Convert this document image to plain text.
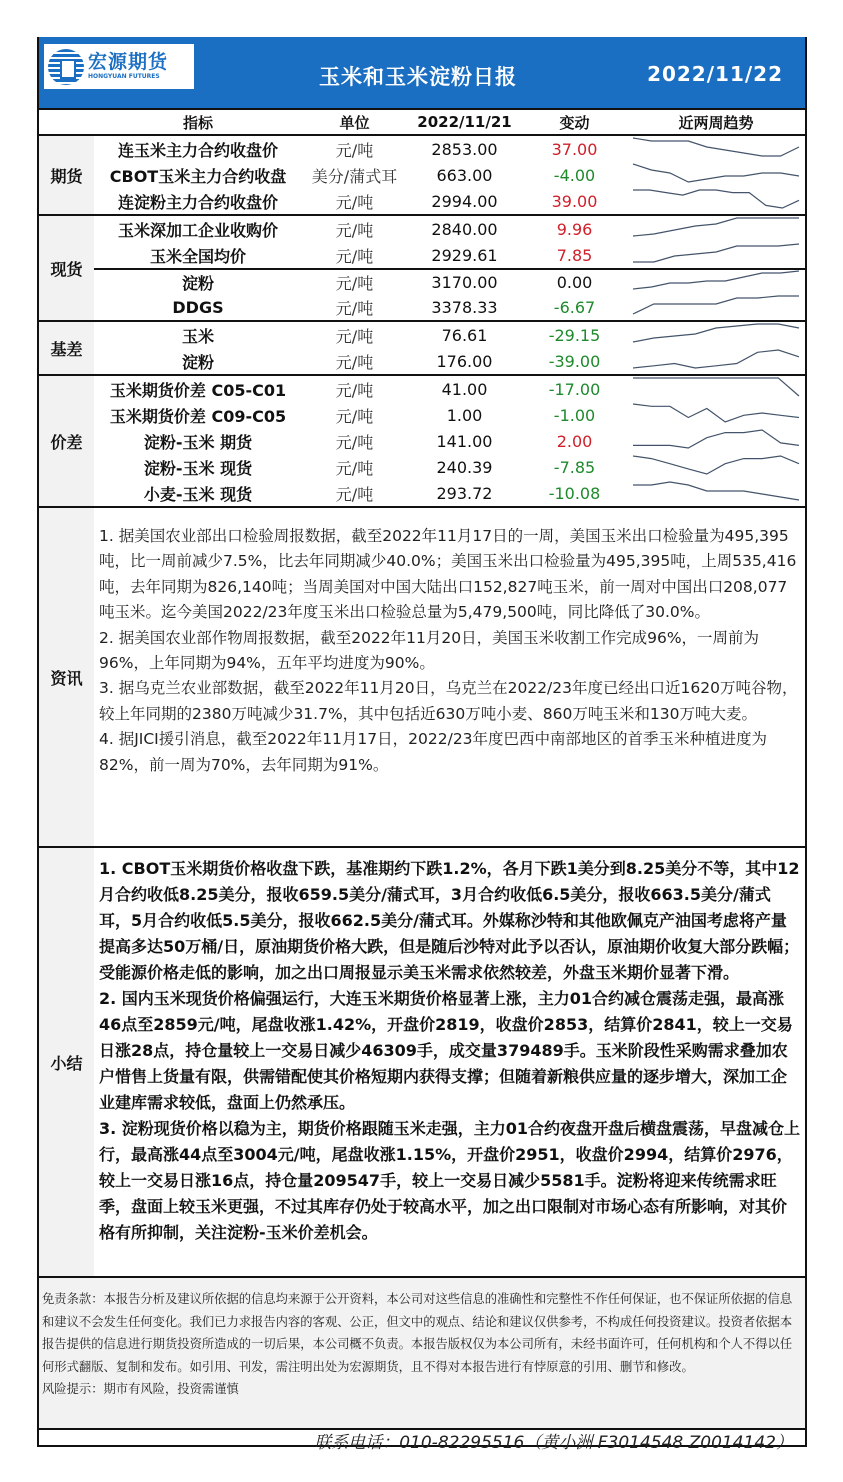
宏源期货
HONGYUAN FUTURES	玉米和玉米淀粉日报	2022/11/22
指标	单位	2022/11/21	变动	近两周趋势
期货
连玉米主力合约收盘价	元/吨	2853.00	37.00
CBOT玉米主力合约收盘	美分/蒲式耳	663.00	-4.00
连淀粉主力合约收盘价	元/吨	2994.00	39.00
现货
玉米深加工企业收购价	元/吨	2840.00	9.96
玉米全国均价	元/吨	2929.61	7.85
淀粉	元/吨	3170.00	0.00
DDGS	元/吨	3378.33	-6.67
基差
玉米	元/吨	76.61	-29.15
淀粉	元/吨	176.00	-39.00
价差
玉米期货价差 C05-C01	元/吨	41.00	-17.00
玉米期货价差 C09-C05	元/吨	1.00	-1.00
淀粉-玉米 期货	元/吨	141.00	2.00
淀粉-玉米 现货	元/吨	240.39	-7.85
小麦-玉米 现货	元/吨	293.72	-10.08
资讯

1. 据美国农业部出口检验周报数据，截至2022年11月17日的一周，美国玉米出口检验量为495,395吨，比一周前减少7.5%，比去年同期减少40.0%；美国玉米出口检验量为495,395吨，上周535,416吨，去年同期为826,140吨；当周美国对中国大陆出口152,827吨玉米，前一周对中国出口208,077吨玉米。迄今美国2022/23年度玉米出口检验总量为5,479,500吨，同比降低了30.0%。

2. 据美国农业部作物周报数据，截至2022年11月20日，美国玉米收割工作完成96%，一周前为96%，上年同期为94%，五年平均进度为90%。

3. 据乌克兰农业部数据，截至2022年11月20日，乌克兰在2022/23年度已经出口近1620万吨谷物，较上年同期的2380万吨减少31.7%，其中包括近630万吨小麦、860万吨玉米和130万吨大麦。

4. 据JICI援引消息，截至2022年11月17日，2022/23年度巴西中南部地区的首季玉米种植进度为82%，前一周为70%，去年同期为91%。

小结

1. CBOT玉米期货价格收盘下跌，基准期约下跌1.2%，各月下跌1美分到8.25美分不等，其中12月合约收低8.25美分，报收659.5美分/蒲式耳，3月合约收低6.5美分，报收663.5美分/蒲式耳，5月合约收低5.5美分，报收662.5美分/蒲式耳。外媒称沙特和其他欧佩克产油国考虑将产量提高多达50万桶/日，原油期货价格大跌，但是随后沙特对此予以否认，原油期价收复大部分跌幅；受能源价格走低的影响，加之出口周报显示美玉米需求依然较差，外盘玉米期价显著下滑。

2. 国内玉米现货价格偏强运行，大连玉米期货价格显著上涨，主力01合约减仓震荡走强，最高涨46点至2859元/吨，尾盘收涨1.42%，开盘价2819，收盘价2853，结算价2841，较上一交易日涨28点，持仓量较上一交易日减少46309手，成交量379489手。玉米阶段性采购需求叠加农户惜售上货量有限，供需错配使其价格短期内获得支撑；但随着新粮供应量的逐步增大，深加工企业建库需求较低，盘面上仍然承压。

3. 淀粉现货价格以稳为主，期货价格跟随玉米走强，主力01合约夜盘开盘后横盘震荡，早盘减仓上行，最高涨44点至3004元/吨，尾盘收涨1.15%，开盘价2951，收盘价2994，结算价2976，较上一交易日涨16点，持仓量209547手，较上一交易日减少5581手。淀粉将迎来传统需求旺季，盘面上较玉米更强，不过其库存仍处于较高水平，加之出口限制对市场心态有所影响，对其价格有所抑制，关注淀粉-玉米价差机会。

免责条款：本报告分析及建议所依据的信息均来源于公开资料，本公司对这些信息的准确性和完整性不作任何保证，也不保证所依据的信息和建议不会发生任何变化。我们已力求报告内容的客观、公正，但文中的观点、结论和建议仅供参考，不构成任何投资建议。投资者依据本报告提供的信息进行期货投资所造成的一切后果，本公司概不负责。本报告版权仅为本公司所有，未经书面许可，任何机构和个人不得以任何形式翻版、复制和发布。如引用、刊发，需注明出处为宏源期货，且不得对本报告进行有悖原意的引用、删节和修改。

风险提示：期市有风险，投资需谨慎

联系电话：010-82295516（黄小洲 F3014548 Z0014142）
